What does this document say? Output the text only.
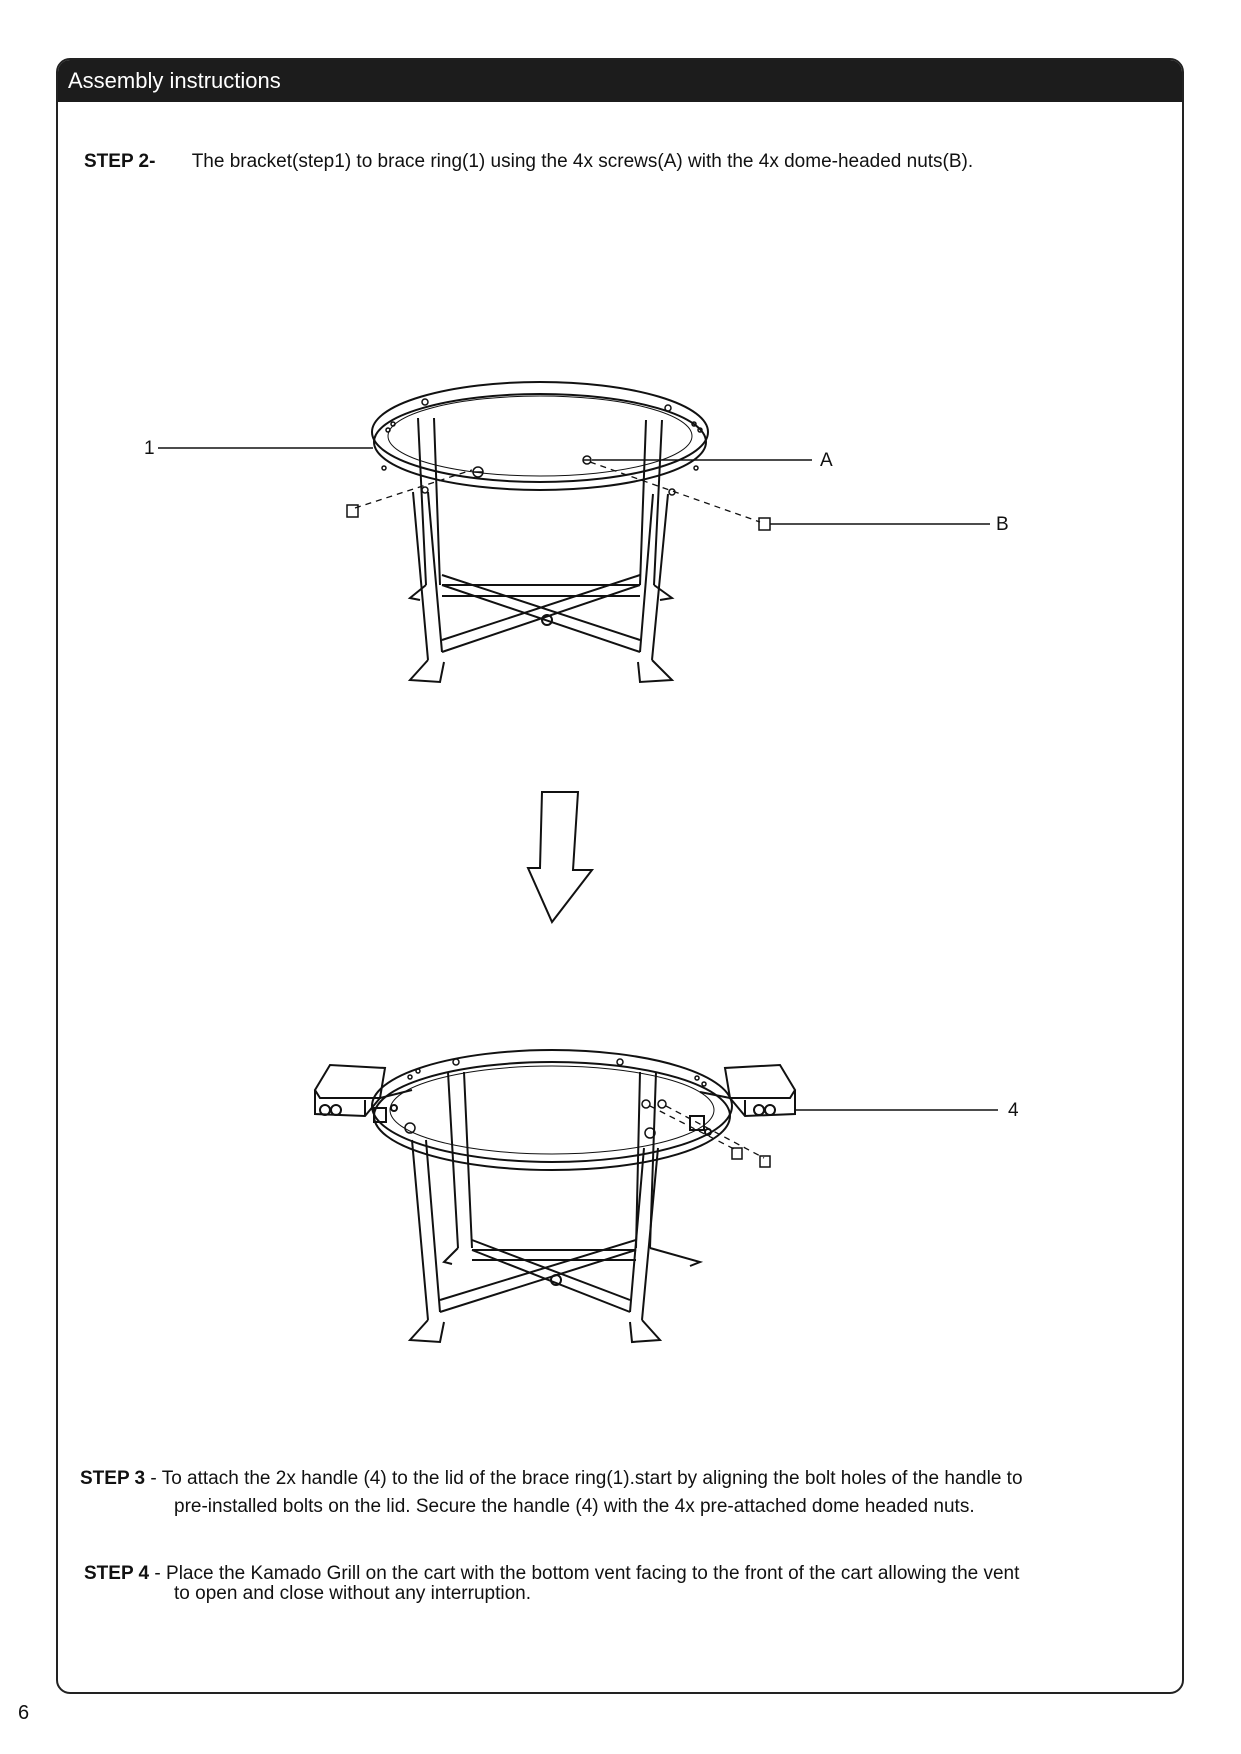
Assembly instructions
STEP 2- The bracket(step1) to brace ring(1) using the 4x screws(A) with the 4x dome-headed nuts(B).
1
A
B
4
STEP 3 - To attach the 2x handle (4) to the lid of the brace ring(1).start by aligning the bolt holes of the handle to
pre-installed bolts on the lid. Secure the handle (4) with the 4x pre-attached dome headed nuts.
STEP 4 - Place the Kamado Grill on the cart with the bottom vent facing to the front of the cart allowing the vent
to open and close without any interruption.
6
